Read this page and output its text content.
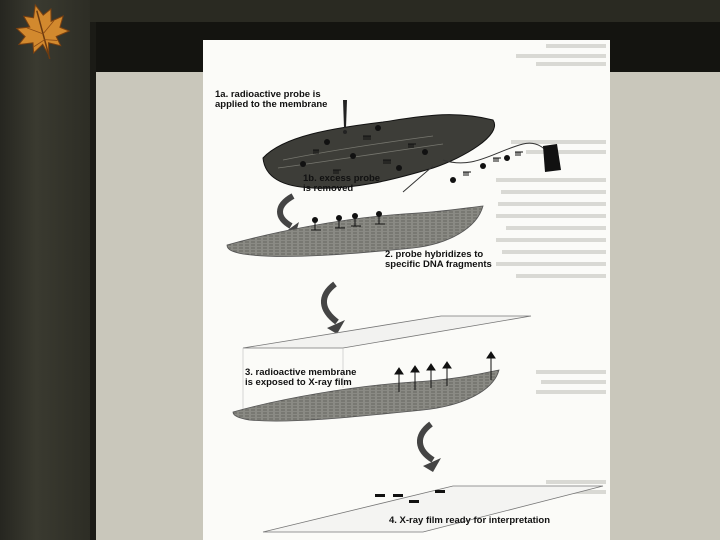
1a. radioactive probe is
applied to the membrane
1b. excess probe
is removed
2. probe hybridizes to
specific DNA fragments
3. radioactive membrane
is exposed to X-ray film
4. X-ray film ready for interpretation
